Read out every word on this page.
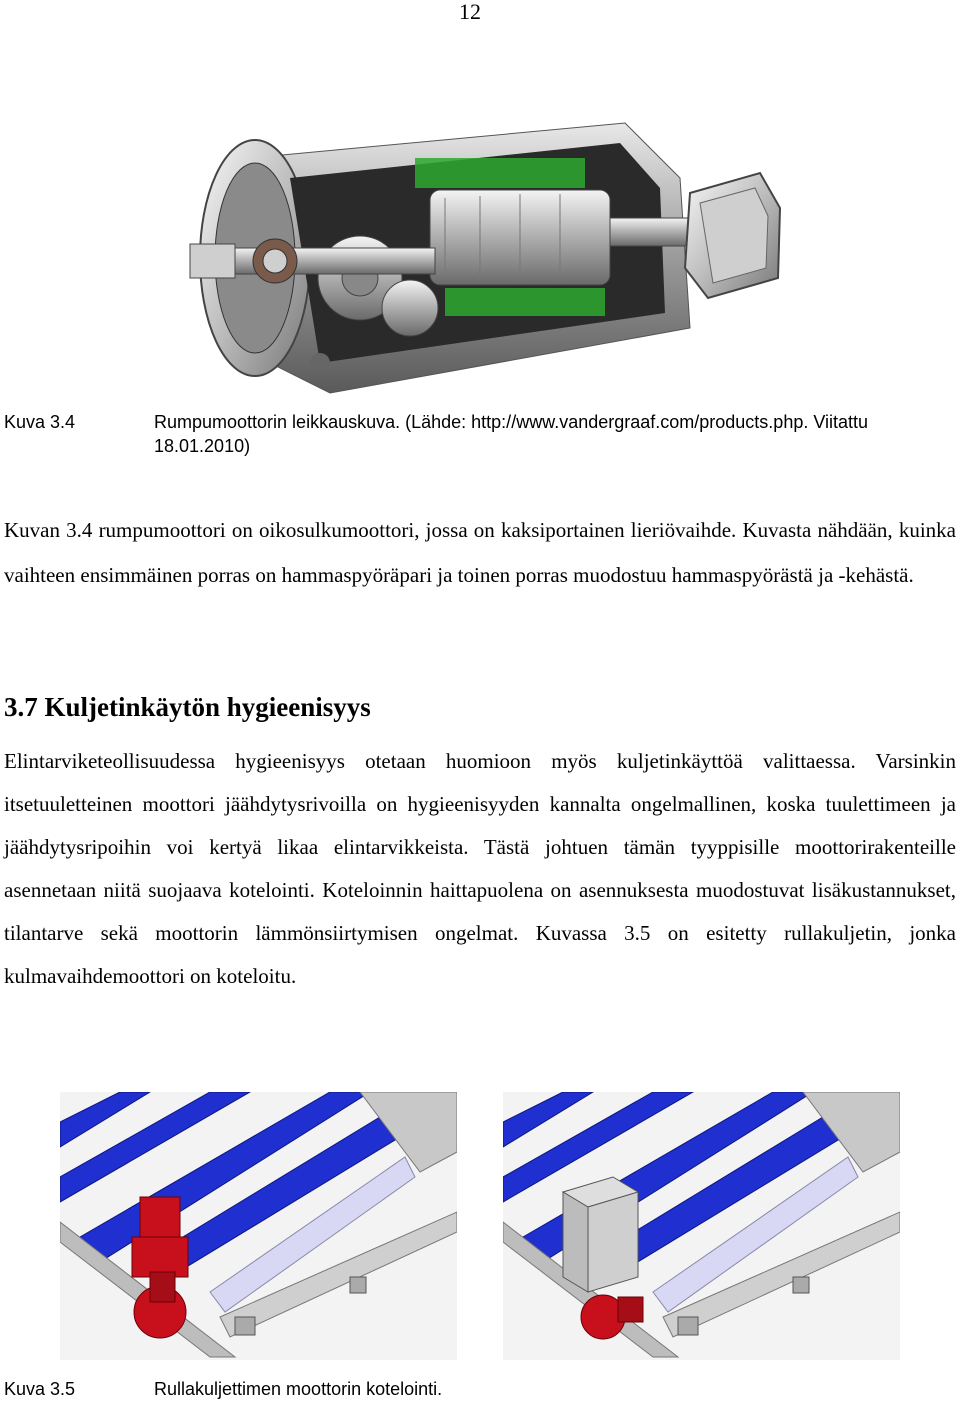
12
Kuva 3.4	Rumpumoottorin leikkauskuva. (Lähde: http://www.vandergraaf.com/products.php. Viitattu 18.01.2010)

Kuvan 3.4 rumpumoottori on oikosulkumoottori, jossa on kaksiportainen lieriövaihde. Kuvasta nähdään, kuinka vaihteen ensimmäinen porras on hammaspyöräpari ja toinen porras muodostuu hammaspyörästä ja -kehästä.

3.7 Kuljetinkäytön hygieenisyys

Elintarviketeollisuudessa hygieenisyys otetaan huomioon myös kuljetinkäyttöä valittaessa. Varsinkin itsetuuletteinen moottori jäähdytysrivoilla on hygieenisyyden kannalta ongelmallinen, koska tuulettimeen ja jäähdytysripoihin voi kertyä likaa elintarvikkeista. Tästä johtuen tämän tyyppisille moottorirakenteille asennetaan niitä suojaava kotelointi. Koteloinnin haittapuolena on asennuksesta muodostuvat lisäkustannukset, tilantarve sekä moottorin lämmönsiirtymisen ongelmat. Kuvassa 3.5 on esitetty rullakuljetin, jonka kulmavaihdemoottori on koteloitu.

Kuva 3.5	Rullakuljettimen moottorin kotelointi.
